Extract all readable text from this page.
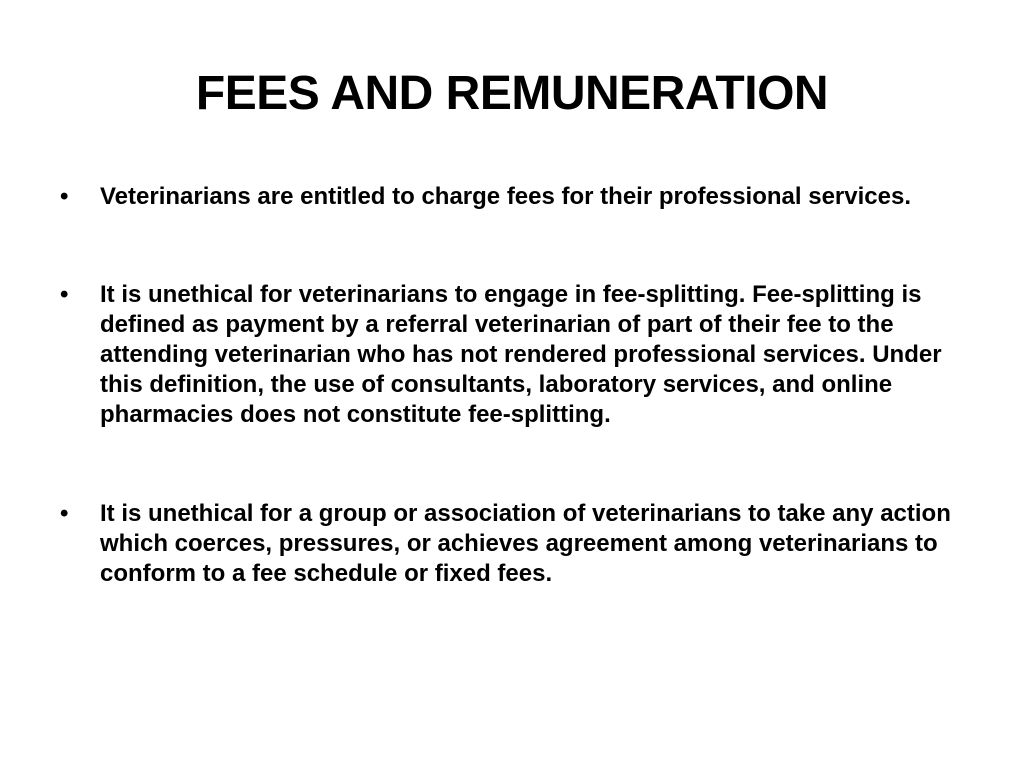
FEES AND REMUNERATION
•	Veterinarians are entitled to charge fees for their professional services.
•	It is unethical for veterinarians to engage in fee-splitting. Fee-splitting is defined as payment by a referral veterinarian of part of their fee to the attending veterinarian who has not rendered professional services. Under this definition, the use of consultants, laboratory services, and online pharmacies does not constitute fee-splitting.
•	It is unethical for a group or association of veterinarians to take any action which coerces, pressures, or achieves agreement among veterinarians to conform to a fee schedule or fixed fees.
